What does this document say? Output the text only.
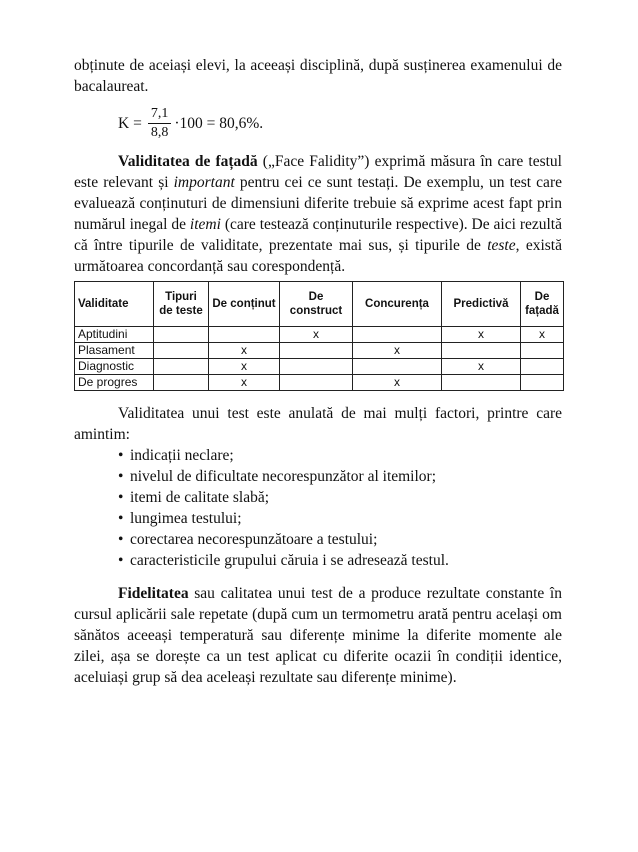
obținute de aceiași elevi, la aceeași disciplină, după susținerea examenului de bacalaureat.

$K = \frac{7,1}{8,8} \cdot 100 = 80,6\%$.

Validitatea de fațadă („Face Falidity”) exprimă măsura în care testul este relevant și important pentru cei ce sunt testați. De exemplu, un test care evaluează conținuturi de dimensiuni diferite trebuie să exprime acest fapt prin numărul inegal de itemi (care testează conținuturile respective). De aici rezultă că între tipurile de validitate, prezentate mai sus, și tipurile de teste, există următoarea concordanță sau corespondență.

Validitate	Tipuri de teste	De conținut	De construct	Concurența	Predictivă	De fațadă
Aptitudini			x		x	x
Plasament		x		x		
Diagnostic		x			x	
De progres		x		x		

Validitatea unui test este anulată de mai mulți factori, printre care amintim:

• indicații neclare;
• nivelul de dificultate necorespunzător al itemilor;
• itemi de calitate slabă;
• lungimea testului;
• corectarea necorespunzătoare a testului;
• caracteristicile grupului căruia i se adresează testul.

Fidelitatea sau calitatea unui test de a produce rezultate constante în cursul aplicării sale repetate (după cum un termometru arată pentru același om sănătos aceeași temperatură sau diferențe minime la diferite momente ale zilei, așa se dorește ca un test aplicat cu diferite ocazii în condiții identice, aceluiași grup să dea aceleași rezultate sau diferențe minime).
